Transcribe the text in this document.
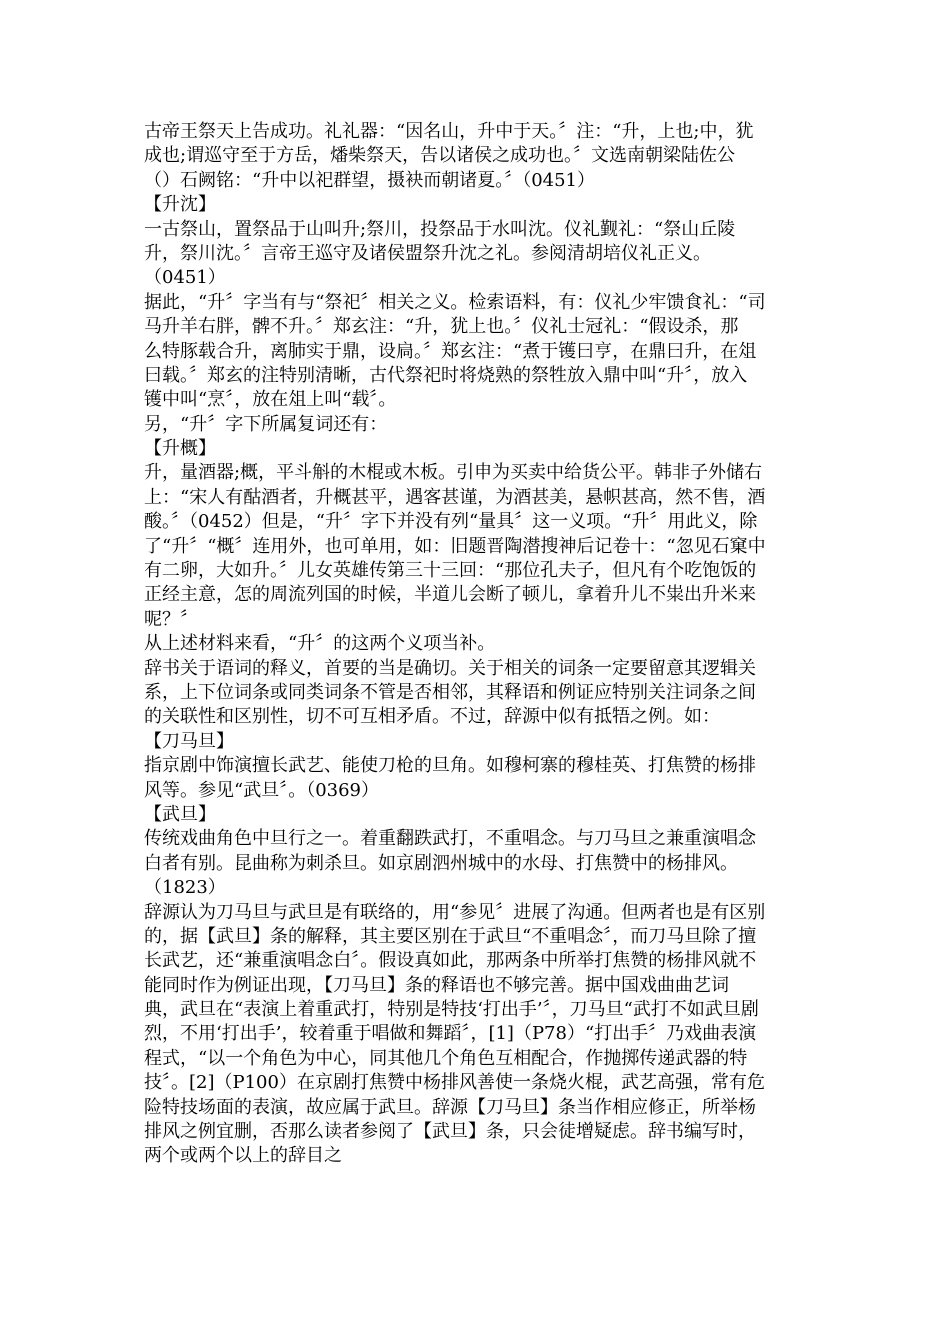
古帝王祭天上告成功。礼礼器：“因名山，升中于天。〞注：“升，上也;中，犹
成也;谓巡守至于方岳，燔柴祭天，告以诸侯之成功也。〞文选南朝梁陆佐公
（）石阙铭：“升中以祀群望，摄袂而朝诸夏。〞（0451）
【升沈】
一古祭山，置祭品于山叫升;祭川，投祭品于水叫沈。仪礼觐礼：“祭山丘陵
升，祭川沈。〞言帝王巡守及诸侯盟祭升沈之礼。参阅清胡培仪礼正义。
（0451）
据此，“升〞字当有与“祭祀〞相关之义。检索语料，有：仪礼少牢馈食礼：“司
马升羊右胖，髀不升。〞郑玄注：“升，犹上也。〞仪礼士冠礼：“假设杀，那
么特豚载合升，离肺实于鼎，设扃。〞郑玄注：“煮于镬曰亨，在鼎曰升，在俎
曰载。〞郑玄的注特别清晰，古代祭祀时将烧熟的祭牲放入鼎中叫“升〞，放入
镬中叫“烹〞，放在俎上叫“载〞。
另，“升〞字下所属复词还有：
【升概】
升，量酒器;概，平斗斛的木棍或木板。引申为买卖中给货公平。韩非子外储右
上：“宋人有酤酒者，升概甚平，遇客甚谨，为酒甚美，悬帜甚高，然不售，酒
酸。〞（0452）但是，“升〞字下并没有列“量具〞这一义项。“升〞用此义，除
了“升〞“概〞连用外，也可单用，如：旧题晋陶潜搜神后记卷十：“忽见石窠中
有二卵，大如升。〞儿女英雄传第三十三回：“那位孔夫子，但凡有个吃饱饭的
正经主意，怎的周流列国的时候，半道儿会断了顿儿，拿着升儿不粜出升米来
呢？〞
从上述材料来看，“升〞的这两个义项当补。
辞书关于语词的释义，首要的当是确切。关于相关的词条一定要留意其逻辑关
系，上下位词条或同类词条不管是否相邻，其释语和例证应特别关注词条之间
的关联性和区别性，切不可互相矛盾。不过，辞源中似有抵牾之例。如：
【刀马旦】
指京剧中饰演擅长武艺、能使刀枪的旦角。如穆柯寨的穆桂英、打焦赞的杨排
风等。参见“武旦〞。（0369）
【武旦】
传统戏曲角色中旦行之一。着重翻跌武打，不重唱念。与刀马旦之兼重演唱念
白者有别。昆曲称为刺杀旦。如京剧泗州城中的水母、打焦赞中的杨排风。
（1823）
辞源认为刀马旦与武旦是有联络的，用“参见〞进展了沟通。但两者也是有区别
的，据【武旦】条的解释，其主要区别在于武旦“不重唱念〞，而刀马旦除了擅
长武艺，还“兼重演唱念白〞。假设真如此，那两条中所举打焦赞的杨排风就不
能同时作为例证出现，【刀马旦】条的释语也不够完善。据中国戏曲曲艺词
典，武旦在“表演上着重武打，特别是特技‘打出手’〞，刀马旦“武打不如武旦剧
烈，不用‘打出手’，较着重于唱做和舞蹈〞，[1]（P78）“打出手〞乃戏曲表演
程式，“以一个角色为中心，同其他几个角色互相配合，作抛掷传递武器的特
技〞。[2]（P100）在京剧打焦赞中杨排风善使一条烧火棍，武艺高强，常有危
险特技场面的表演，故应属于武旦。辞源【刀马旦】条当作相应修正，所举杨
排风之例宜删，否那么读者参阅了【武旦】条，只会徒增疑虑。辞书编写时，
两个或两个以上的辞目之
